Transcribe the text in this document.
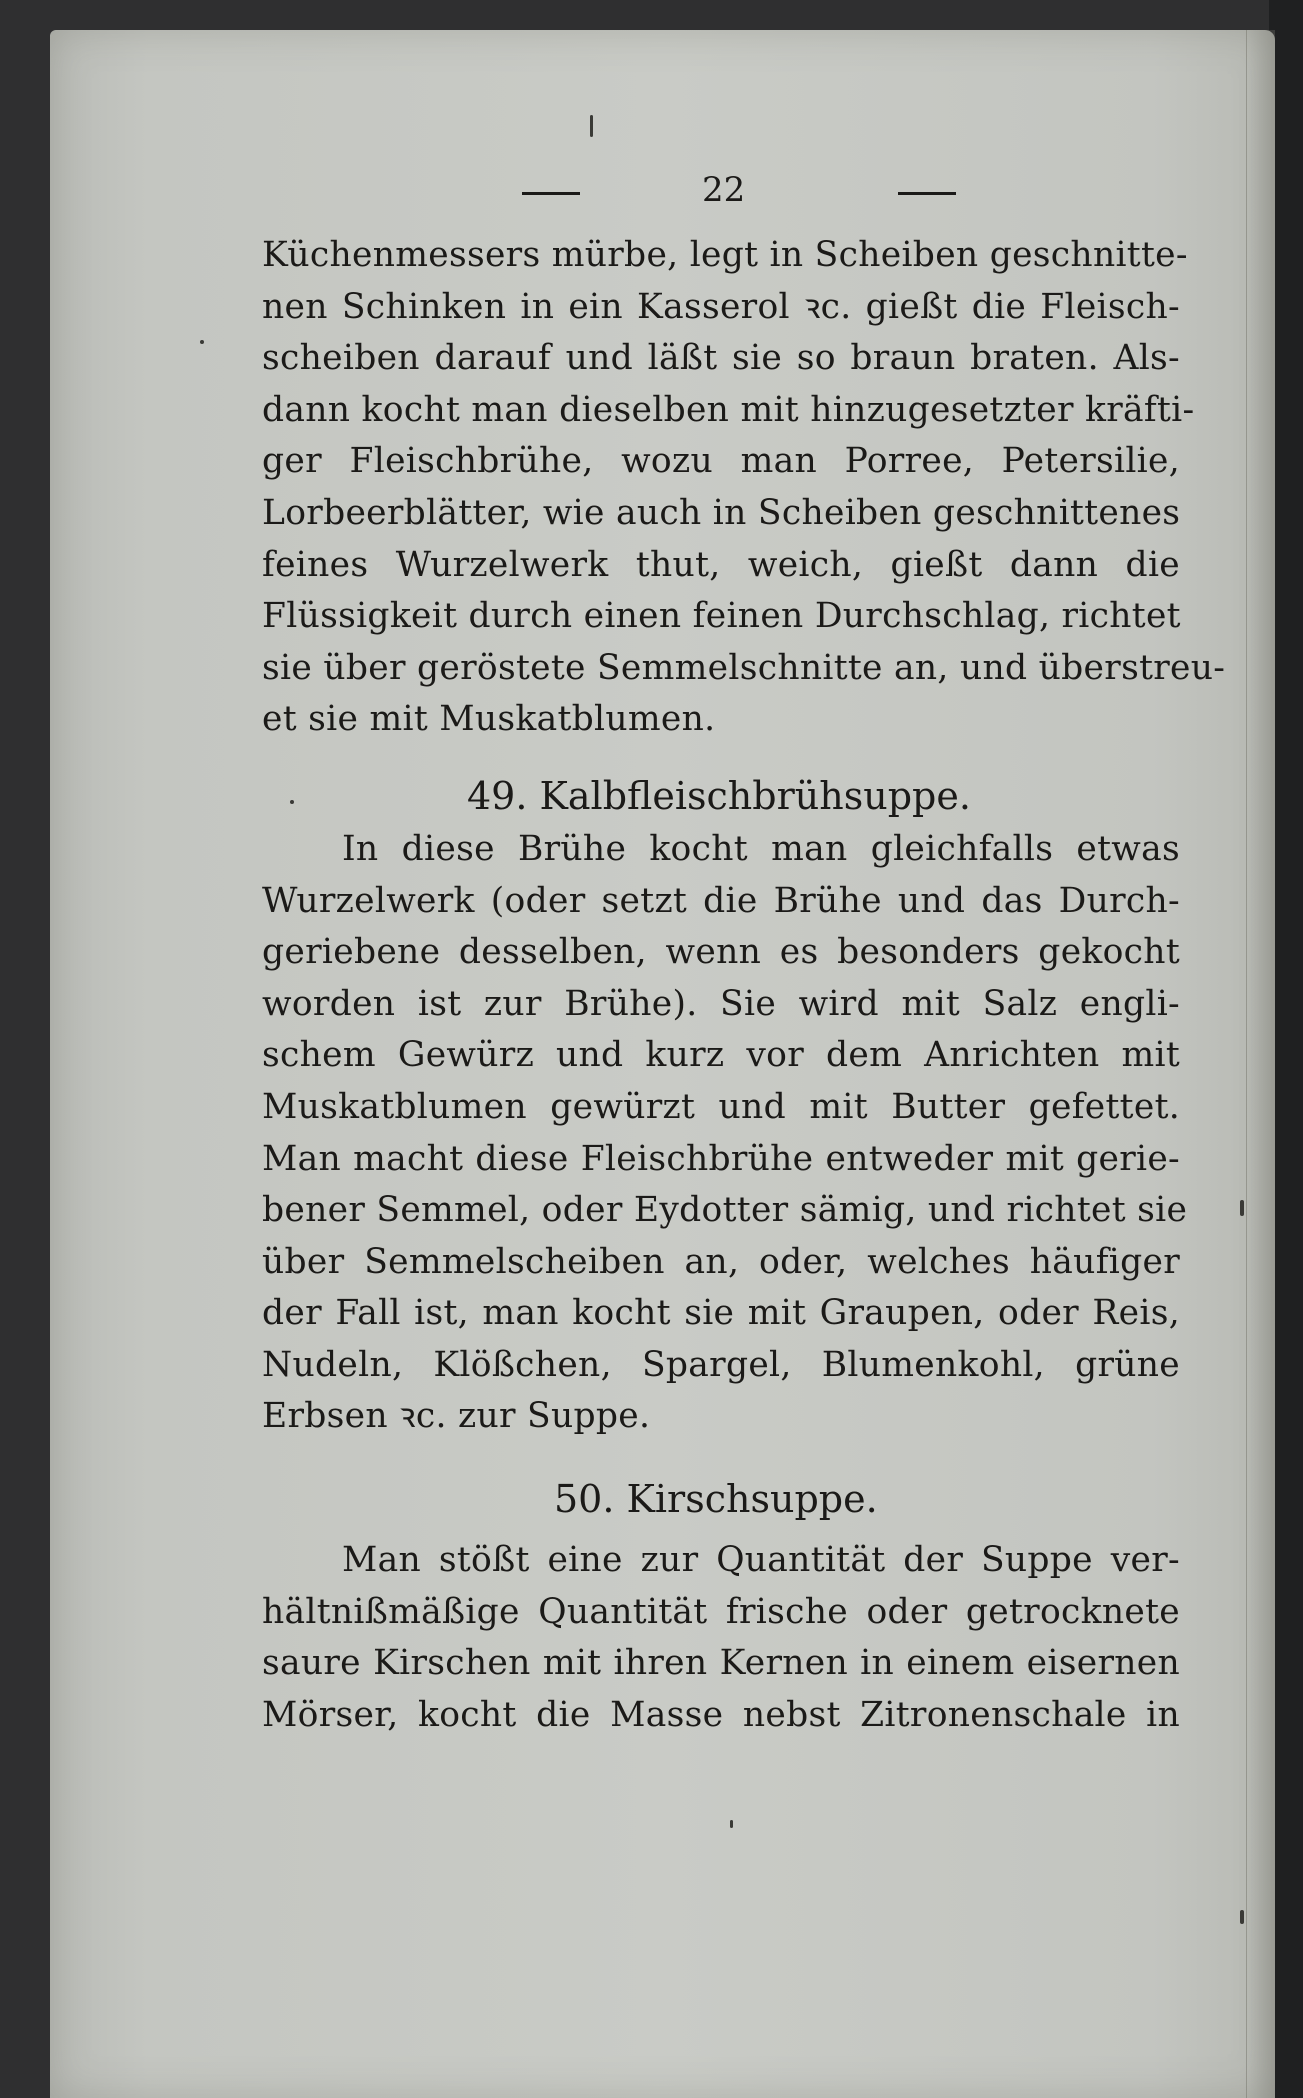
22
Küchenmessers mürbe, legt in Scheiben geschnitte-
nen Schinken in ein Kasserol ꝛc. gießt die Fleisch-
scheiben darauf und läßt sie so braun braten. Als-
dann kocht man dieselben mit hinzugesetzter kräfti-
ger Fleischbrühe, wozu man Porree, Petersilie,
Lorbeerblätter, wie auch in Scheiben geschnittenes
feines Wurzelwerk thut, weich, gießt dann die
Flüssigkeit durch einen feinen Durchschlag, richtet
sie über geröstete Semmelschnitte an, und überstreu-
et sie mit Muskatblumen.
49. Kalbfleischbrühsuppe.
In diese Brühe kocht man gleichfalls etwas
Wurzelwerk (oder setzt die Brühe und das Durch-
geriebene desselben, wenn es besonders gekocht
worden ist zur Brühe). Sie wird mit Salz engli-
schem Gewürz und kurz vor dem Anrichten mit
Muskatblumen gewürzt und mit Butter gefettet.
Man macht diese Fleischbrühe entweder mit gerie-
bener Semmel, oder Eydotter sämig, und richtet sie
über Semmelscheiben an, oder, welches häufiger
der Fall ist, man kocht sie mit Graupen, oder Reis,
Nudeln, Klößchen, Spargel, Blumenkohl, grüne
Erbsen ꝛc. zur Suppe.
50. Kirschsuppe.
Man stößt eine zur Quantität der Suppe ver-
hältnißmäßige Quantität frische oder getrocknete
saure Kirschen mit ihren Kernen in einem eisernen
Mörser, kocht die Masse nebst Zitronenschale in
